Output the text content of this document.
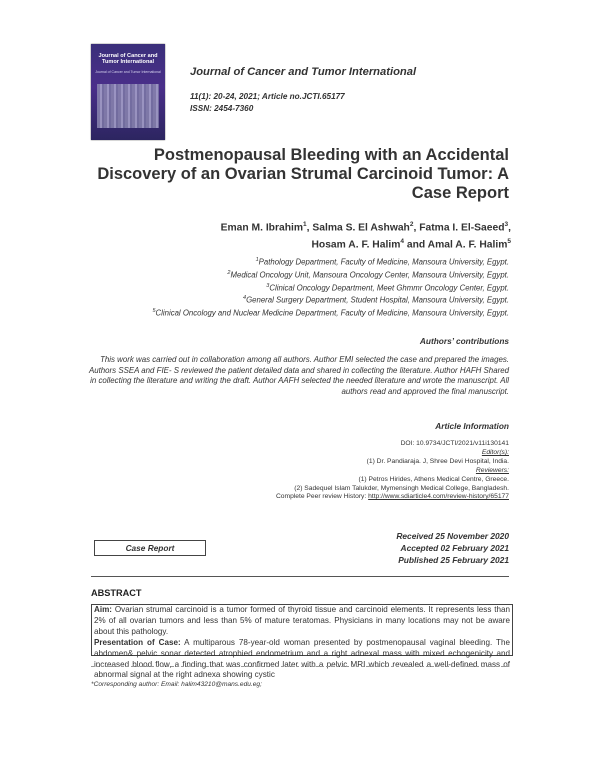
Journal of Cancer and Tumor International
Journal of Cancer and Tumor International	Journal of Cancer and Tumor International
11(1): 20-24, 2021; Article no.JCTI.65177
ISSN: 2454-7360
Postmenopausal Bleeding with an Accidental
Discovery of an Ovarian Strumal Carcinoid Tumor: A
Case Report
Eman M. Ibrahim$^1$, Salma S. El Ashwah$^2$, Fatma I. El-Saeed$^3$,
Hosam A. F. Halim$^4$ and Amal A. F. Halim$^5$
$^1$Pathology Department, Faculty of Medicine, Mansoura University, Egypt.
$^2$Medical Oncology Unit, Mansoura Oncology Center, Mansoura University, Egypt.
$^3$Clinical Oncology Department, Meet Ghmmr Oncology Center, Egypt.
$^4$General Surgery Department, Student Hospital, Mansoura University, Egypt.
$^5$Clinical Oncology and Nuclear Medicine Department, Faculty of Medicine, Mansoura University, Egypt.
Authors’ contributions
This work was carried out in collaboration among all authors. Author EMI selected the case and prepared the images. Authors SSEA and FIE- S reviewed the patient detailed data and shared in collecting the literature. Author HAFH Shared in collecting the literature and writing the draft. Author AAFH selected the needed literature and wrote the manuscript. All authors read and approved the final manuscript.
Article Information
DOI: 10.9734/JCTI/2021/v11i130141
Editor(s):
(1) Dr. Pandiaraja. J, Shree Devi Hospital, India.
Reviewers:
(1) Petros Hirides, Athens Medical Centre, Greece.
(2) Sadequel Islam Talukder, Mymensingh Medical College, Bangladesh.
Complete Peer review History: http://www.sdiarticle4.com/review-history/65177
Case Report
Received 25 November 2020
Accepted 02 February 2021
Published 25 February 2021
ABSTRACT
Aim: Ovarian strumal carcinoid is a tumor formed of thyroid tissue and carcinoid elements. It represents less than 2% of all ovarian tumors and less than 5% of mature teratomas. Physicians in many locations may not be aware about this pathology.
Presentation of Case: A multiparous 78-year-old woman presented by postmenopausal vaginal bleeding. The abdomen& pelvic sonar detected atrophied endometrium and a right adnexal mass with mixed echogenicity and increased blood flow, a finding that was confirmed later with a pelvic MRI which revealed a well-defined mass of abnormal signal at the right adnexa showing cystic
*Corresponding author: Email: halim43210@mans.edu.eg;
